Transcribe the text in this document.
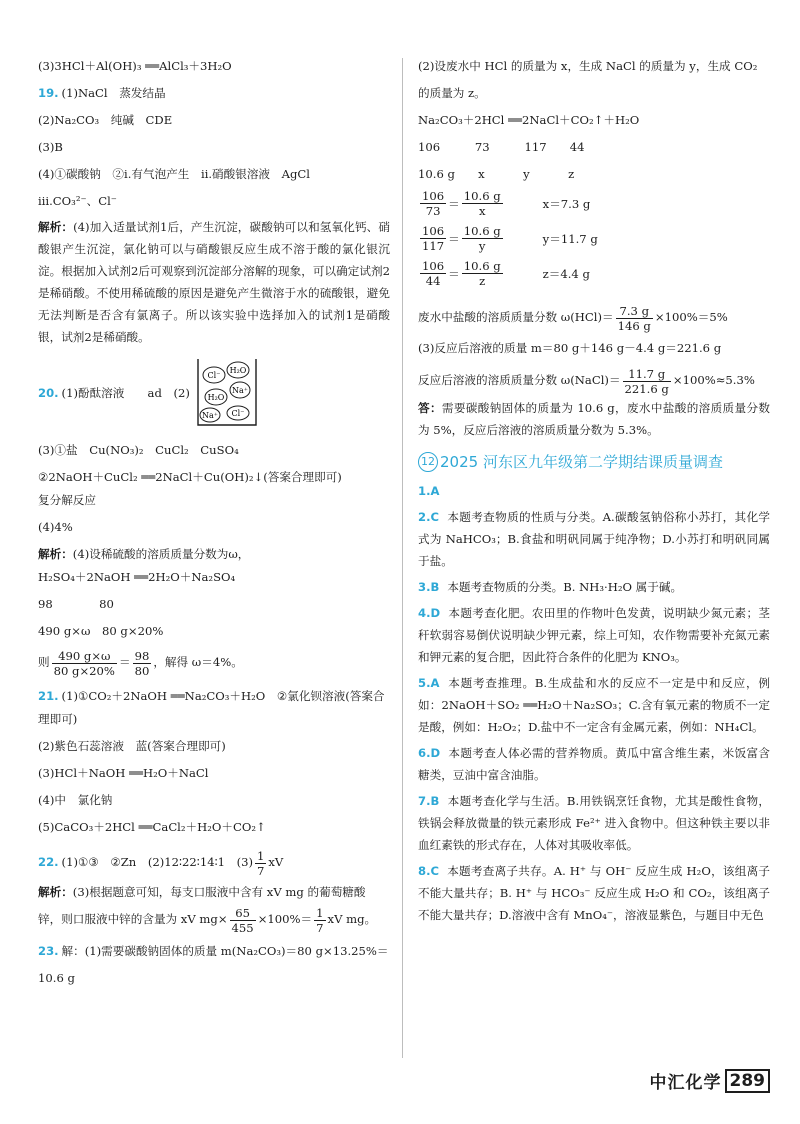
(3)3HCl＋Al(OH)₃ ══AlCl₃＋3H₂O

19. (1)NaCl　蒸发结晶

(2)Na₂CO₃　纯碱　CDE

(3)B

(4)①碳酸钠　②ⅰ.有气泡产生　ⅱ.硝酸银溶液　AgCl

ⅲ.CO₃²⁻、Cl⁻

解析：(4)加入适量试剂1后，产生沉淀，碳酸钠可以和氢氧化钙、硝酸银产生沉淀，氯化钠可以与硝酸银反应生成不溶于酸的氯化银沉淀。根据加入试剂2后可观察到沉淀部分溶解的现象，可以确定试剂2是稀硝酸。不使用稀硫酸的原因是避免产生微溶于水的硫酸银，避免无法判断是否含有氯离子。所以该实验中选择加入的试剂1是硝酸银，试剂2是稀硝酸。

20. (1)酚酞溶液　　ad　(2)
Cl⁻
H₂O
Na⁺
H₂O
Na⁺ Cl⁻

(3)①盐　Cu(NO₃)₂　CuCl₂　CuSO₄

②2NaOH＋CuCl₂ ══2NaCl＋Cu(OH)₂↓(答案合理即可)

复分解反应

(4)4%

解析：(4)设稀硫酸的溶质质量分数为ω，

H₂SO₄＋2NaOH ══2H₂O＋Na₂SO₄

98　　　　80

490 g×ω　80 g×20%

则 $\frac{490 g\times\omega}{80 g\times 20\%} = \frac{98}{80}$ ，解得 ω＝4%。

21. (1)①CO₂＋2NaOH ══Na₂CO₃＋H₂O　②氯化钡溶液(答案合

理即可)

(2)紫色石蕊溶液　蓝(答案合理即可)

(3)HCl＋NaOH ══H₂O＋NaCl

(4)中　氯化钠

(5)CaCO₃＋2HCl ══CaCl₂＋H₂O＋CO₂↑

22. (1)①③　②Zn　(2)12∶22∶14∶1　$(3) \frac{1}{7}$ xV

解析：(3)根据题意可知，每支口服液中含有 xV mg 的葡萄糖酸

锌，则口服液中锌的含量为 xV $mg\times \frac{65}{455} \times 100\%= \frac{1}{7}$ xV mg。

23. 解：(1)需要碳酸钠固体的质量 m(Na₂CO₃)＝80 g×13.25%＝

10.6 g

(2)设废水中 HCl 的质量为 x，生成 NaCl 的质量为 y，生成 CO₂

的质量为 z。

Na₂CO₃＋2HCl ══2NaCl＋CO₂↑＋H₂O

106　　　73　　　117　　44

10.6 g　　x　　　 y　　　 z

$\frac{106}{73} = \frac{10.6 g}{x}$	x＝7.3 g
$\frac{106}{117} = \frac{10.6 g}{y}$	y＝11.7 g
$\frac{106}{44} = \frac{10.6 g}{z}$	z＝4.4 g

废水中盐酸的溶质质量分数 $\omega(HCl)= \frac{7.3 g}{146 g} \times 100\%=5\%$

(3)反应后溶液的质量 m＝80 g＋146 g－4.4 g＝221.6 g

反应后溶液的溶质质量分数 ω(NaCl)＝ $\frac{11.7 g}{221.6 g} \times 100\%\approx 5.3\%$

答：需要碳酸钠固体的质量为 10.6 g，废水中盐酸的溶质质量分数为 5%，反应后溶液的溶质质量分数为 5.3%。

12 2025 河东区九年级第二学期结课质量调查

1.A

2.C 本题考查物质的性质与分类。A.碳酸氢钠俗称小苏打，其化学式为 NaHCO₃；B.食盐和明矾同属于纯净物；D.小苏打和明矾同属于盐。

3.B 本题考查物质的分类。B. NH₃·H₂O 属于碱。

4.D 本题考查化肥。农田里的作物叶色发黄，说明缺少氮元素；茎秆软弱容易倒伏说明缺少钾元素，综上可知，农作物需要补充氮元素和钾元素的复合肥，因此符合条件的化肥为 KNO₃。

5.A 本题考查推理。B.生成盐和水的反应不一定是中和反应，例如：2NaOH＋SO₂ ══H₂O＋Na₂SO₃；C.含有氧元素的物质不一定是酸，例如：H₂O₂；D.盐中不一定含有金属元素，例如：NH₄Cl。

6.D 本题考查人体必需的营养物质。黄瓜中富含维生素，米饭富含糖类，豆油中富含油脂。

7.B 本题考查化学与生活。B.用铁锅烹饪食物，尤其是酸性食物，铁锅会释放微量的铁元素形成 Fe²⁺ 进入食物中。但这种铁主要以非血红素铁的形式存在，人体对其吸收率低。

8.C 本题考查离子共存。A. H⁺ 与 OH⁻ 反应生成 H₂O，该组离子不能大量共存；B. H⁺ 与 HCO₃⁻ 反应生成 H₂O 和 CO₂，该组离子不能大量共存；D.溶液中含有 MnO₄⁻，溶液显紫色，与题目中无色

中汇化学 289
